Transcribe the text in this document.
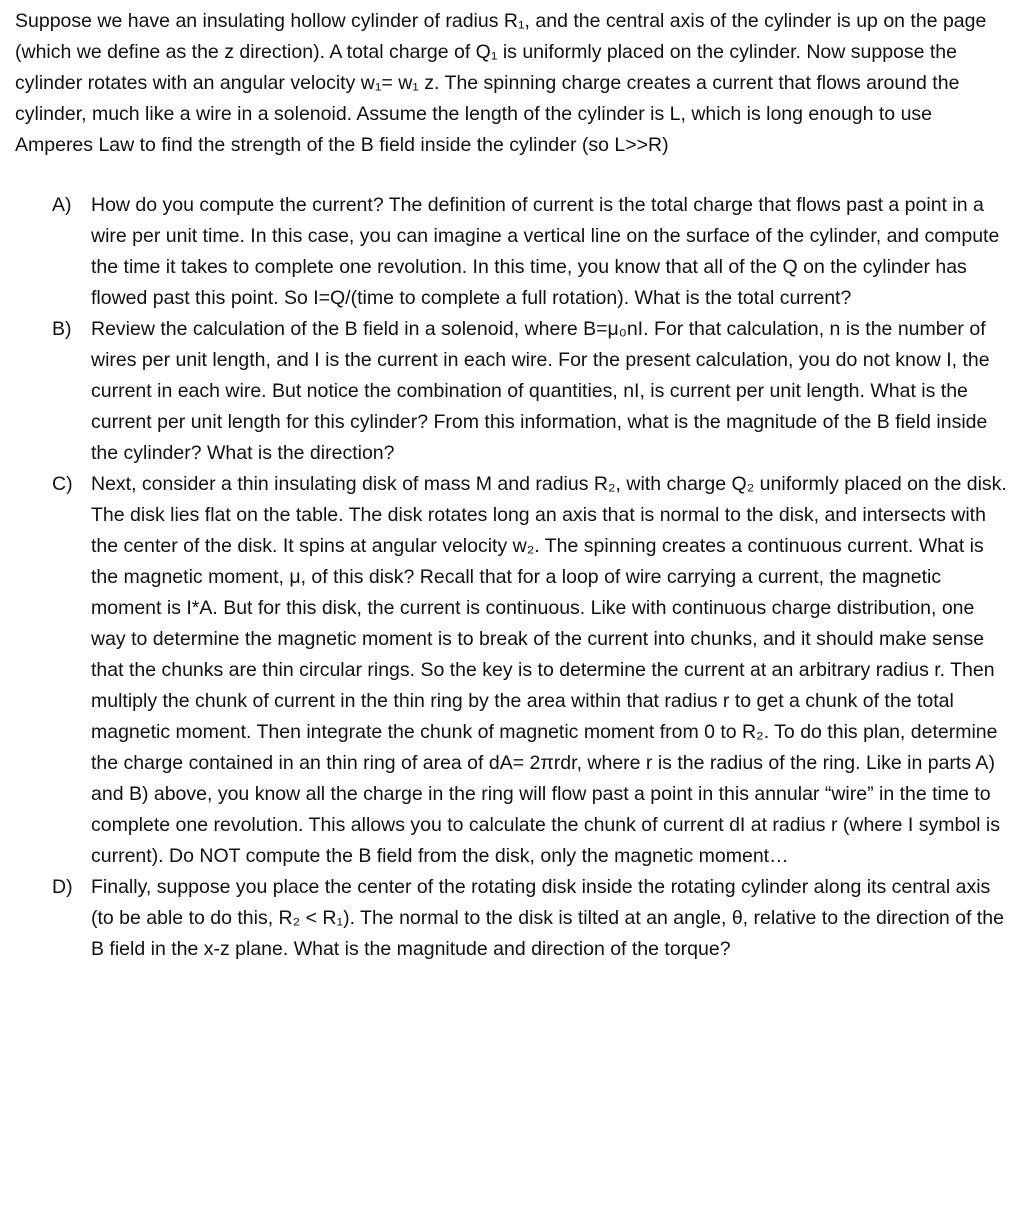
Suppose we have an insulating hollow cylinder of radius R₁, and the central axis of the cylinder is up on the page (which we define as the z direction). A total charge of Q₁ is uniformly placed on the cylinder. Now suppose the cylinder rotates with an angular velocity w₁= w₁ z. The spinning charge creates a current that flows around the cylinder, much like a wire in a solenoid. Assume the length of the cylinder is L, which is long enough to use Amperes Law to find the strength of the B field inside the cylinder (so L>>R)

A)	How do you compute the current? The definition of current is the total charge that flows past a point in a wire per unit time. In this case, you can imagine a vertical line on the surface of the cylinder, and compute the time it takes to complete one revolution. In this time, you know that all of the Q on the cylinder has flowed past this point. So I=Q/(time to complete a full rotation). What is the total current?
B)	Review the calculation of the B field in a solenoid, where B=μ₀nI. For that calculation, n is the number of wires per unit length, and I is the current in each wire. For the present calculation, you do not know I, the current in each wire. But notice the combination of quantities, nI, is current per unit length. What is the current per unit length for this cylinder? From this information, what is the magnitude of the B field inside the cylinder? What is the direction?
C) Next, consider a thin insulating disk of mass M and radius R₂, with charge Q₂ uniformly placed on the disk. The disk lies flat on the table. The disk rotates long an axis that is normal to the disk, and intersects with the center of the disk. It spins at angular velocity w₂. The spinning creates a continuous current. What is the magnetic moment, μ, of this disk? Recall that for a loop of wire carrying a current, the magnetic moment is I*A. But for this disk, the current is continuous. Like with continuous charge distribution, one way to determine the magnetic moment is to break of the current into chunks, and it should make sense that the chunks are thin circular rings. So the key is to determine the current at an arbitrary radius r. Then multiply the chunk of current in the thin ring by the area within that radius r to get a chunk of the total magnetic moment. Then integrate the chunk of magnetic moment from 0 to R₂. To do this plan, determine the charge contained in an thin ring of area of dA= 2πrdr, where r is the radius of the ring. Like in parts A) and B) above, you know all the charge in the ring will flow past a point in this annular “wire” in the time to complete one revolution. This allows you to calculate the chunk of current dI at radius r (where I symbol is current). Do NOT compute the B field from the disk, only the magnetic moment…
D) Finally, suppose you place the center of the rotating disk inside the rotating cylinder along its central axis (to be able to do this, R₂ < R₁). The normal to the disk is tilted at an angle, θ, relative to the direction of the B field in the x-z plane. What is the magnitude and direction of the torque?
